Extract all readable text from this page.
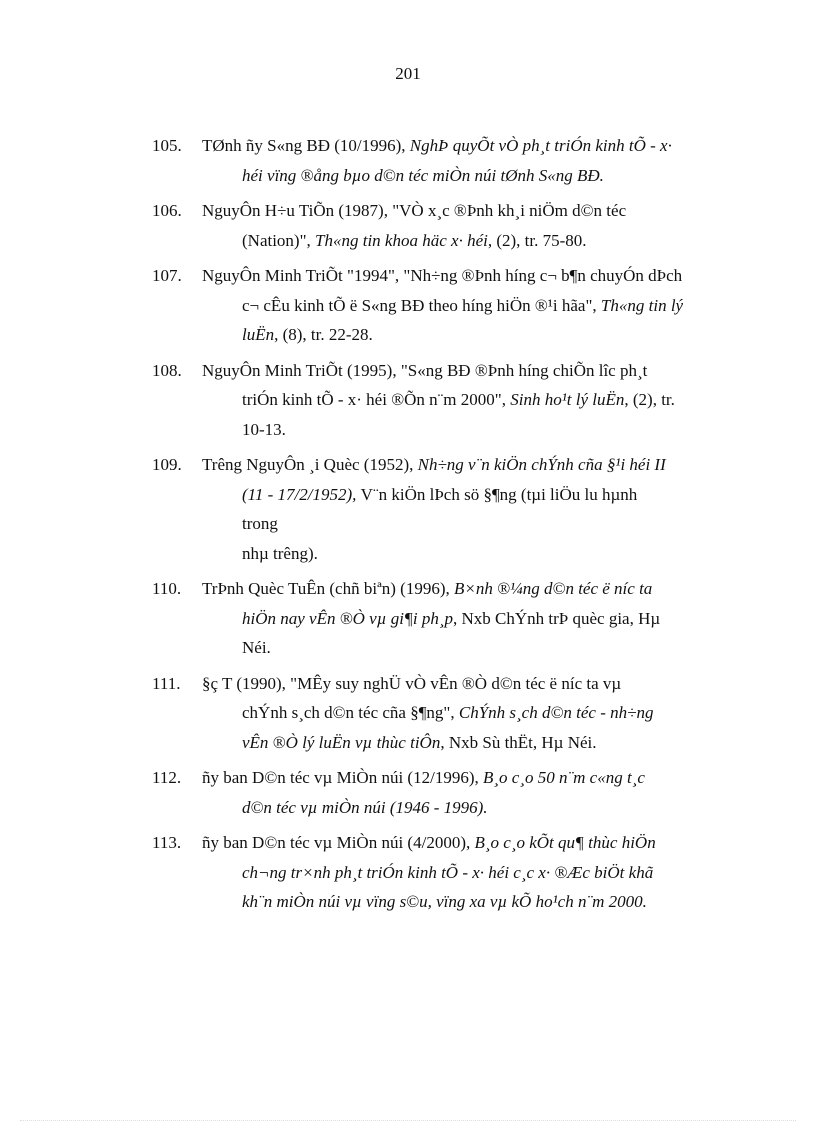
201
105.	TØnh ñy S«ng BÐ (10/1996), NghÞ quyÕt vÒ ph¸t triÓn kinh tÕ - x·
héi vïng ®ång bµo d©n téc miÒn núi tØnh S«ng BÐ.
106.	NguyÔn H÷u TiÕn (1987), "VÒ x¸c ®Þnh kh¸i niÖm d©n téc
(Nation)", Th«ng tin khoa häc x· héi, (2), tr. 75-80.
107.	NguyÔn Minh TriÕt "1994", "Nh÷ng ®Þnh híng c¬ b¶n chuyÓn dÞch
c¬ cÊu kinh tÕ ë S«ng BÐ theo híng hiÖn ®¹i hãa", Th«ng tin lý
luËn, (8), tr. 22-28.
108.	NguyÔn Minh TriÕt (1995), "S«ng BÐ ®Þnh híng chiÕn lîc ph¸t
triÓn kinh tÕ - x· héi ®Õn n¨m 2000", Sinh ho¹t lý luËn, (2), tr.
10-13.
109.	Trêng NguyÔn ¸i Quèc (1952), Nh÷ng v¨n kiÖn chÝnh cña §¹i héi II
(11 - 17/2/1952), V¨n kiÖn lÞch sö §¶ng (tµi liÖu lu hµnh
trong
nhµ trêng).
110.	TrÞnh Quèc TuÊn (chñ biªn) (1996), B×nh ®¼ng d©n téc ë níc ta
hiÖn nay vÊn ®Ò vµ gi¶i ph¸p, Nxb ChÝnh trÞ quèc gia, Hµ
Néi.
111.	§ç T (1990), "MÊy suy nghÜ vÒ vÊn ®Ò d©n téc ë níc ta vµ
chÝnh s¸ch d©n téc cña §¶ng", ChÝnh s¸ch d©n téc - nh÷ng
vÊn ®Ò lý luËn vµ thùc tiÔn, Nxb Sù thËt, Hµ Néi.
112.	ñy ban D©n téc vµ MiÒn núi (12/1996), B¸o c¸o 50 n¨m c«ng t¸c
d©n téc vµ miÒn núi (1946 - 1996).
113.	ñy ban D©n téc vµ MiÒn núi (4/2000), B¸o c¸o kÕt qu¶ thùc hiÖn
ch¬ng tr×nh ph¸t triÓn kinh tÕ - x· héi c¸c x· ®Æc biÖt khã
kh¨n miÒn núi vµ vïng s©u, vïng xa vµ kÕ ho¹ch n¨m 2000.
